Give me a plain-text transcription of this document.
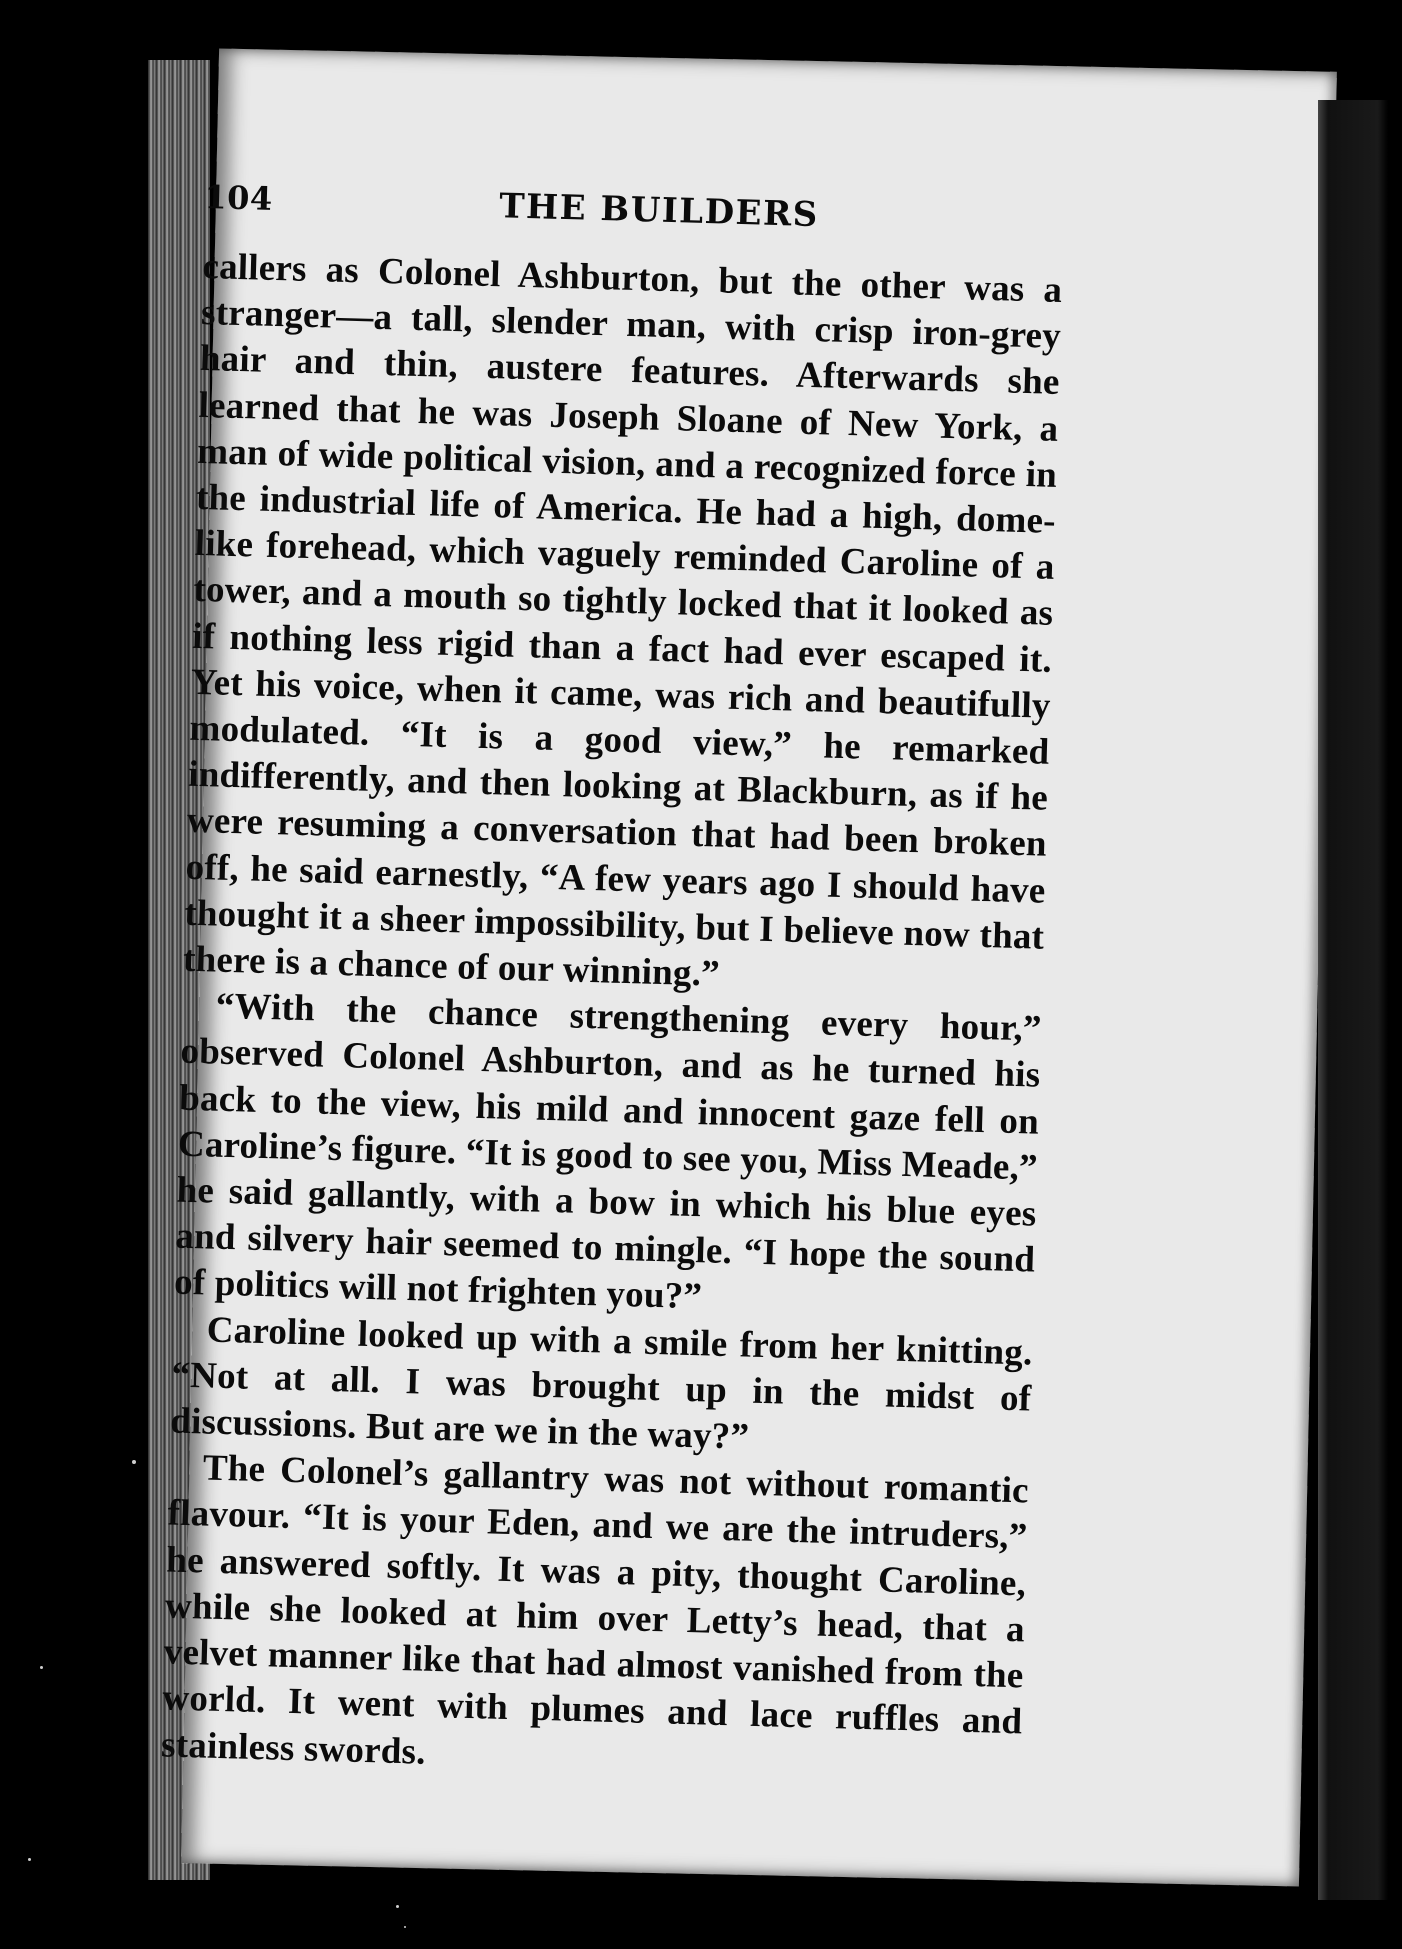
104	THE BUILDERS

callers as Colonel Ashburton, but the other was a stranger—a tall, slender man, with crisp iron-grey hair and thin, austere features. Afterwards she learned that he was Joseph Sloane of New York, a man of wide political vision, and a recognized force in the industrial life of America. He had a high, dome-like forehead, which vaguely reminded Caroline of a tower, and a mouth so tightly locked that it looked as if nothing less rigid than a fact had ever escaped it. Yet his voice, when it came, was rich and beautifully modulated. “It is a good view,” he remarked indifferently, and then looking at Blackburn, as if he were resuming a conversation that had been broken off, he said earnestly, “A few years ago I should have thought it a sheer impossibility, but I believe now that there is a chance of our winning.”

“With the chance strengthening every hour,” observed Colonel Ashburton, and as he turned his back to the view, his mild and innocent gaze fell on Caroline’s figure. “It is good to see you, Miss Meade,” he said gallantly, with a bow in which his blue eyes and silvery hair seemed to mingle. “I hope the sound of politics will not frighten you?”

Caroline looked up with a smile from her knitting. “Not at all. I was brought up in the midst of discussions. But are we in the way?”

The Colonel’s gallantry was not without romantic flavour. “It is your Eden, and we are the intruders,” he answered softly. It was a pity, thought Caroline, while she looked at him over Letty’s head, that a velvet manner like that had almost vanished from the world. It went with plumes and lace ruffles and stainless swords.
